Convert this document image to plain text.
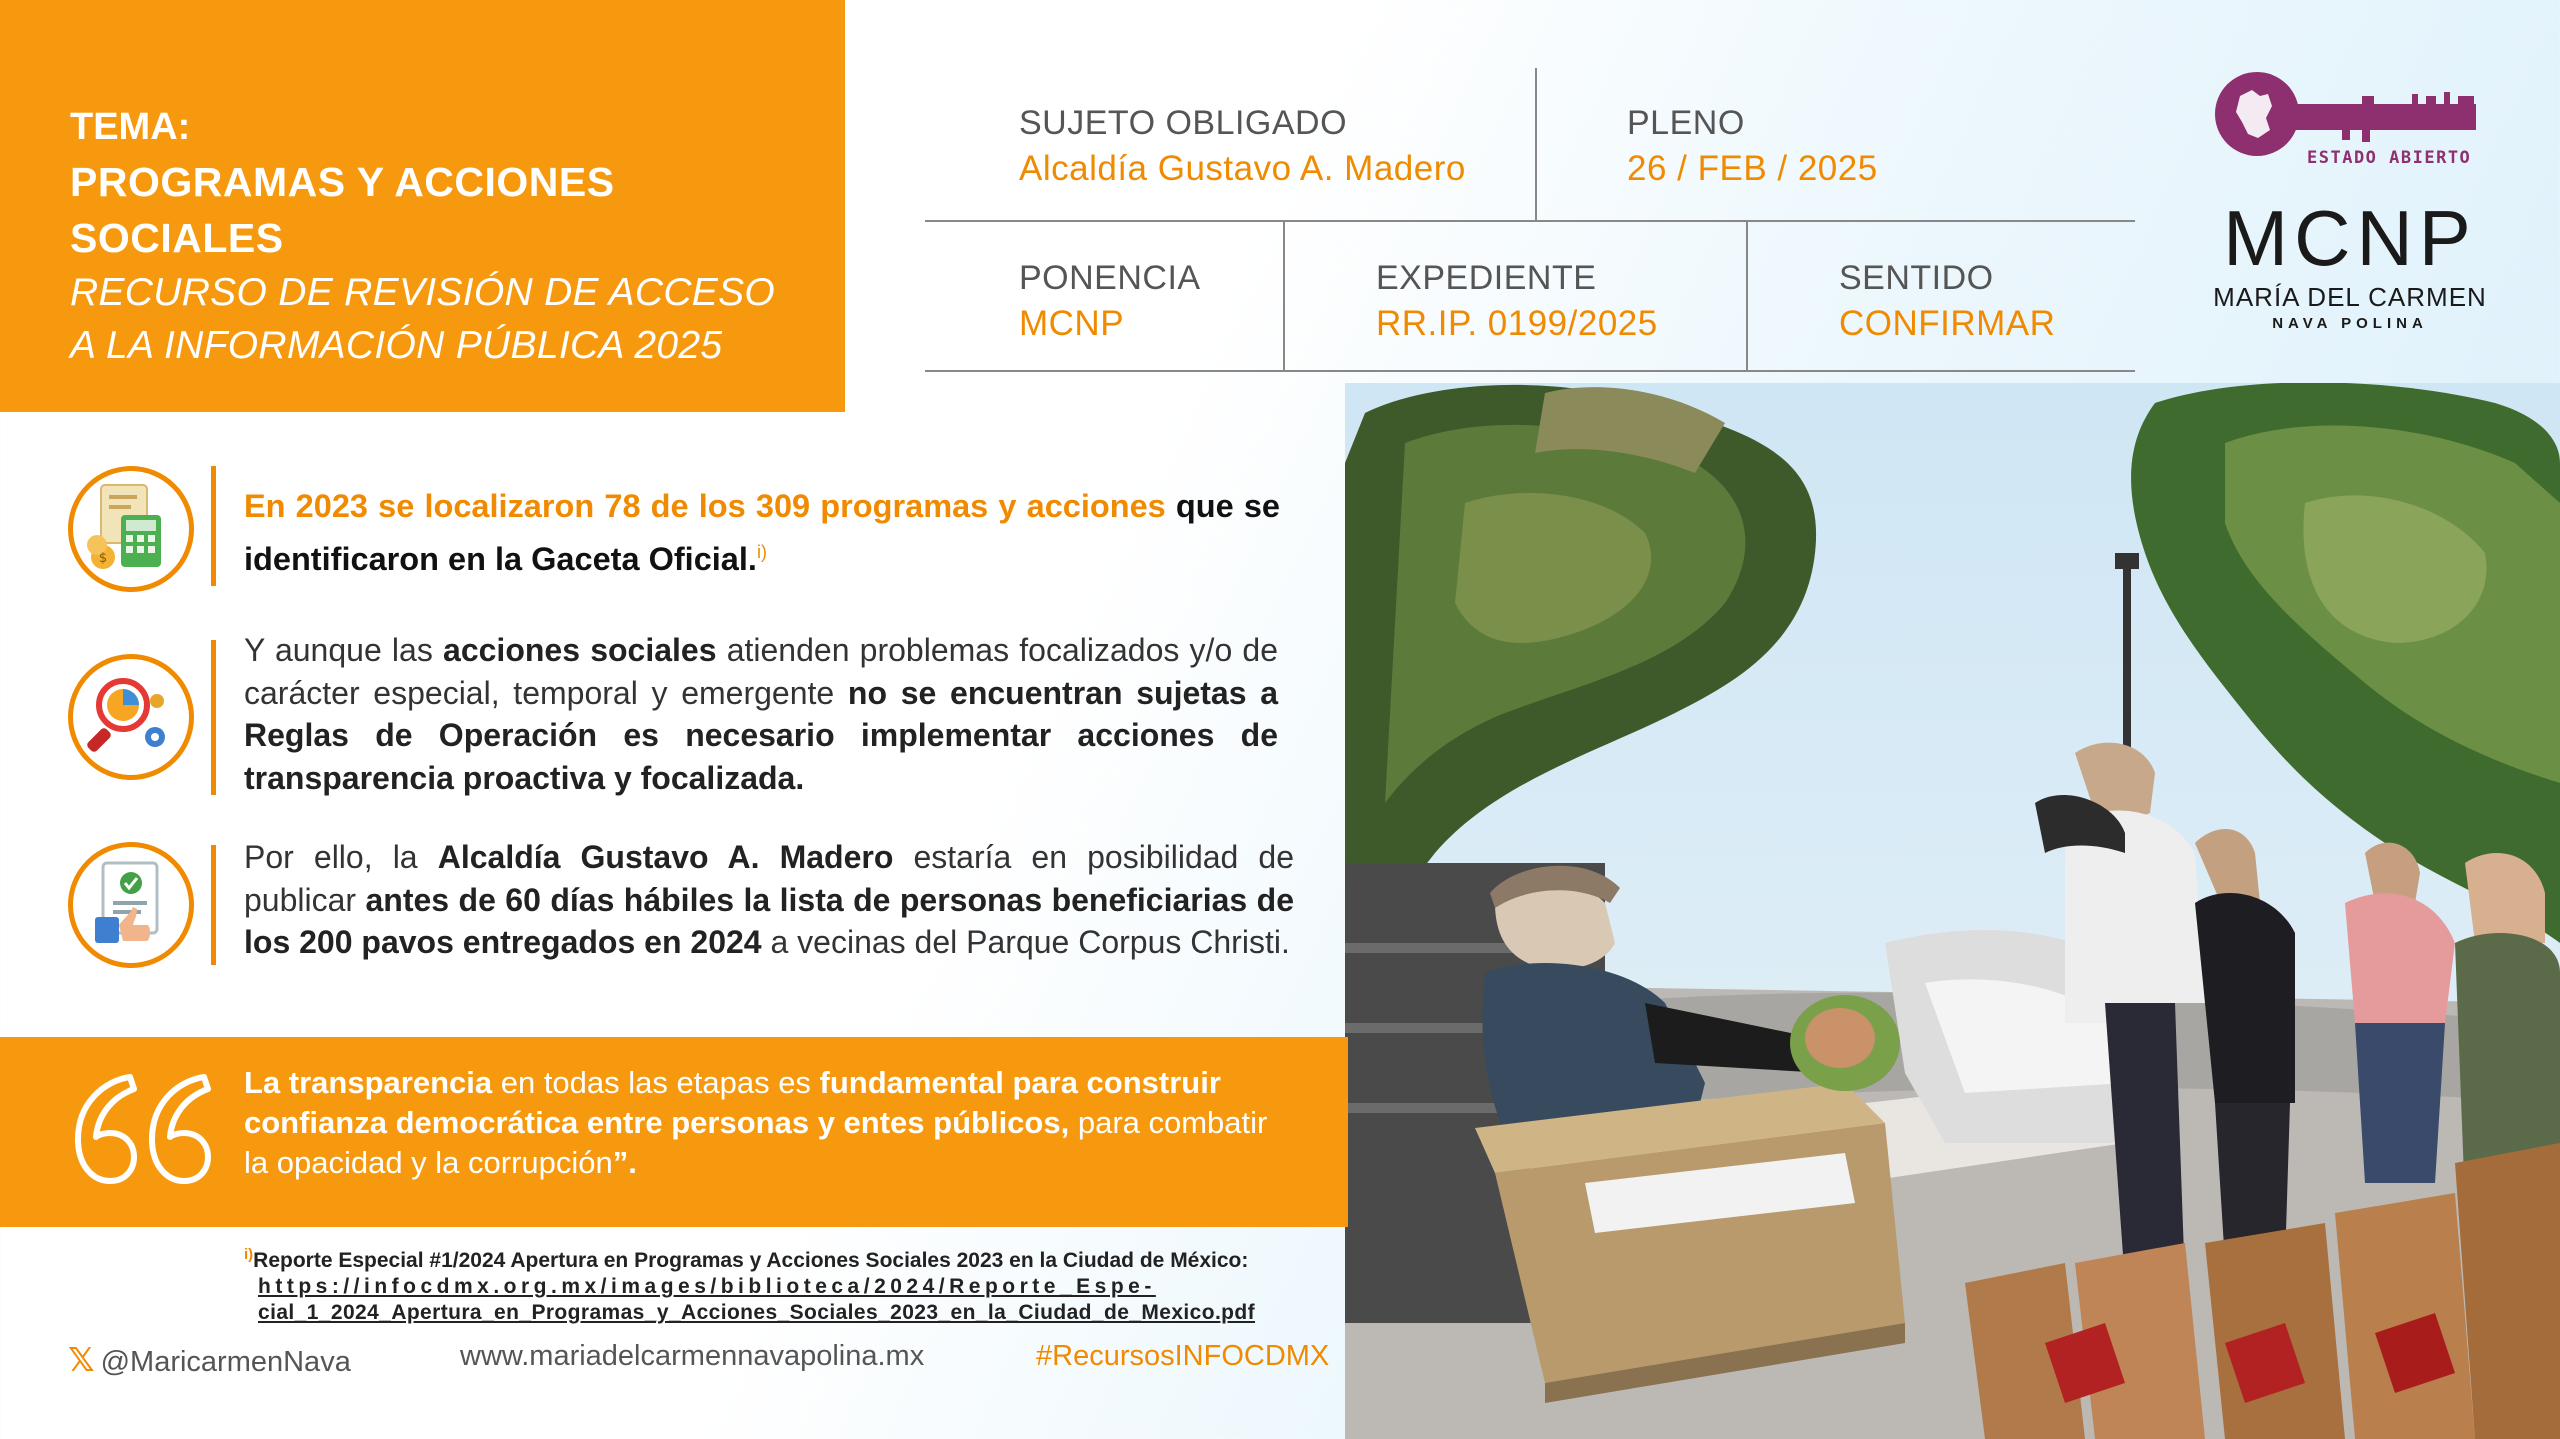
TEMA:
PROGRAMAS Y ACCIONES SOCIALES
RECURSO DE REVISIÓN DE ACCESO
A LA INFORMACIÓN PÚBLICA 2025
SUJETO OBLIGADO
Alcaldía Gustavo A. Madero
PLENO
26 / FEB / 2025
PONENCIA
MCNP
EXPEDIENTE
RR.IP. 0199/2025
SENTIDO
CONFIRMAR
ESTADO ABIERTO
MCNP
MARÍA DEL CARMEN
NAVA POLINA
$
En 2023 se localizaron 78 de los 309 programas y acciones que se identificaron en la Gaceta Oficial.$^{i)}$
Y aunque las acciones sociales atienden problemas focalizados y/o de carácter especial, temporal y emergente no se encuentran sujetas a Reglas de Operación es necesario implementar acciones de transparencia proactiva y focalizada.
Por ello, la Alcaldía Gustavo A. Madero estaría en posibilidad de publicar antes de 60 días hábiles la lista de personas beneficiarias de los 200 pavos entregados en 2024 a vecinas del Parque Corpus Christi.
La transparencia en todas las etapas es fundamental para construir confianza democrática entre personas y entes públicos, para combatir la opacidad y la corrupción”.
$^{i)}$Reporte Especial #1/2024 Apertura en Programas y Acciones Sociales 2023 en la Ciudad de México:
https://infocdmx.org.mx/images/biblioteca/2024/Reporte_Espe-
cial_1_2024_Apertura_en_Programas_y_Acciones_Sociales_2023_en_la_Ciudad_de_Mexico.pdf
𝕏 @MaricarmenNava	www.mariadelcarmennavapolina.mx	#RecursosINFOCDMX
